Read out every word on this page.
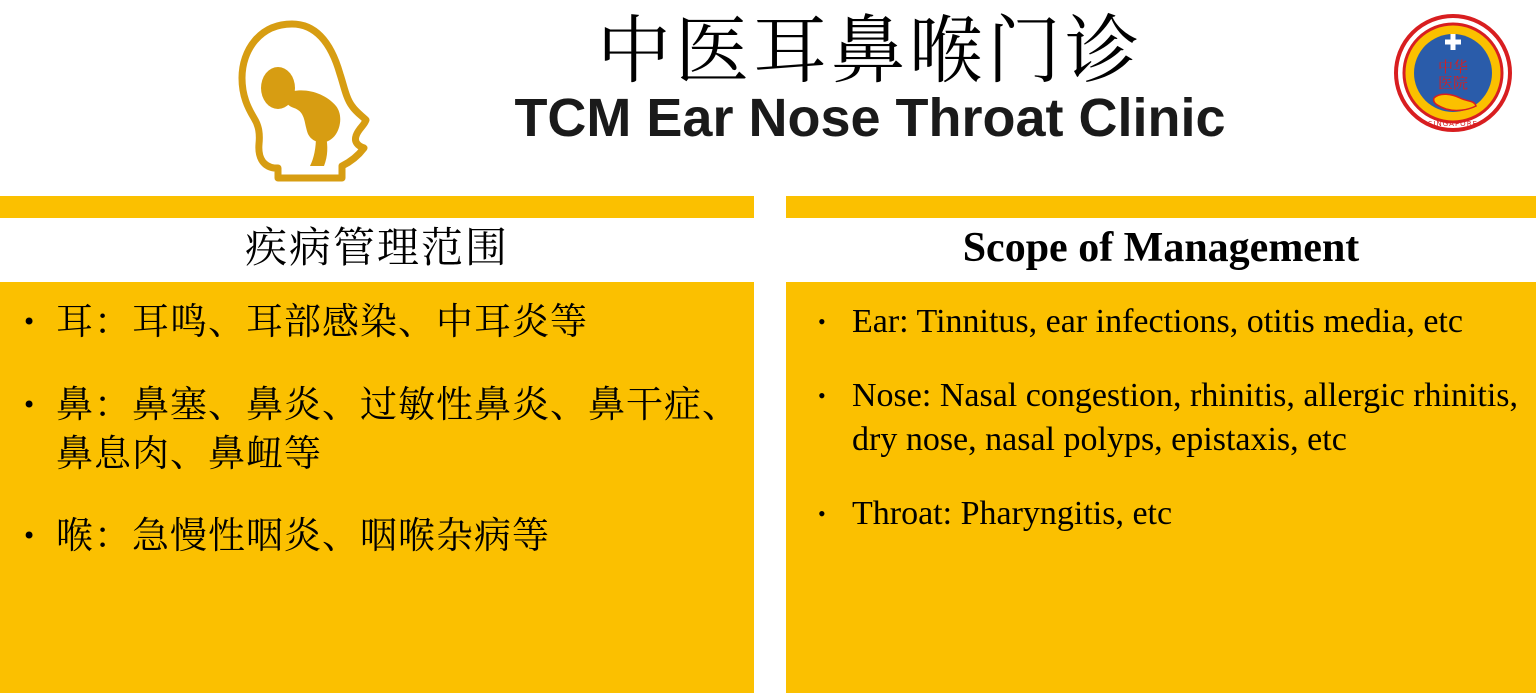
中医耳鼻喉门诊
TCM Ear Nose Throat Clinic
中华
医院
SINGAPORE
疾病管理范围	Scope of Management
• 耳：耳鸣、耳部感染、中耳炎等
• 鼻：鼻塞、鼻炎、过敏性鼻炎、鼻干症、鼻息肉、鼻衄等
• 喉：急慢性咽炎、咽喉杂病等
• Ear: Tinnitus, ear infections, otitis media, etc
• Nose: Nasal congestion, rhinitis, allergic rhinitis, dry nose, nasal polyps, epistaxis, etc
• Throat: Pharyngitis, etc
